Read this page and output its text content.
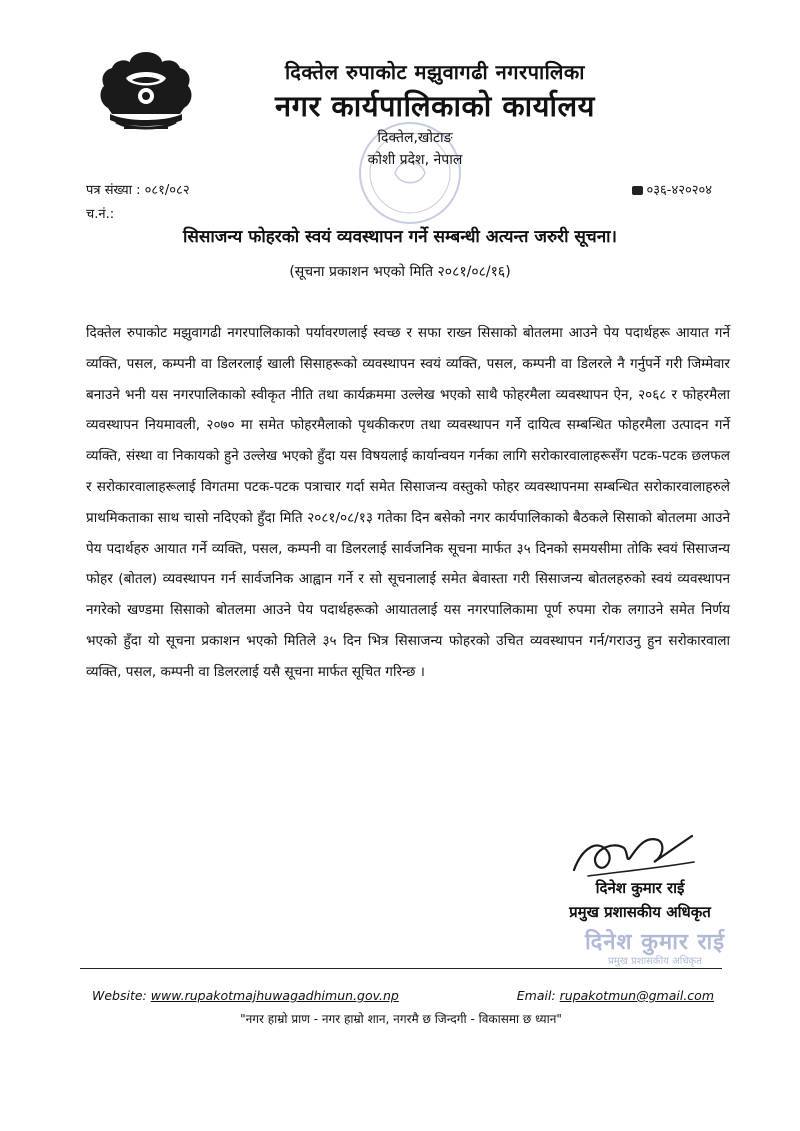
दिक्तेल रुपाकोट मझुवागढी नगरपालिका
नगर कार्यपालिकाको कार्यालय
दिक्तेल,खोटाङ
कोशी प्रदेश, नेपाल
पत्र संख्या : ०८१/०८२
च.नं.:
०३६-४२०२०४
सिसाजन्य फोहरको स्वयं व्यवस्थापन गर्ने सम्बन्धी अत्यन्त जरुरी सूचना।
(सूचना प्रकाशन भएको मिति २०८१/०८/१६)
दिक्तेल रुपाकोट मझुवागढी नगरपालिकाको पर्यावरणलाई स्वच्छ र सफा राख्न सिसाको बोतलमा आउने पेय पदार्थहरू आयात गर्ने व्यक्ति, पसल, कम्पनी वा डिलरलाई खाली सिसाहरूको व्यवस्थापन स्वयं व्यक्ति, पसल, कम्पनी वा डिलरले नै गर्नुपर्ने गरी जिम्मेवार बनाउने भनी यस नगरपालिकाको स्वीकृत नीति तथा कार्यक्रममा उल्लेख भएको साथै फोहरमैला व्यवस्थापन ऐन, २०६८ र फोहरमैला व्यवस्थापन नियमावली, २०७० मा समेत फोहरमैलाको पृथकीकरण तथा व्यवस्थापन गर्ने दायित्व सम्बन्धित फोहरमैला उत्पादन गर्ने व्यक्ति, संस्था वा निकायको हुने उल्लेख भएको हुँदा यस विषयलाई कार्यान्वयन गर्नका लागि सरोकारवालाहरूसँग पटक-पटक छलफल र सरोकारवालाहरूलाई विगतमा पटक-पटक पत्राचार गर्दा समेत सिसाजन्य वस्तुको फोहर व्यवस्थापनमा सम्बन्धित सरोकारवालाहरुले प्राथमिकताका साथ चासो नदिएको हुँदा मिति २०८१/०८/१३ गतेका दिन बसेको नगर कार्यपालिकाको बैठकले सिसाको बोतलमा आउने पेय पदार्थहरु आयात गर्ने व्यक्ति, पसल, कम्पनी वा डिलरलाई सार्वजनिक सूचना मार्फत ३५ दिनको समयसीमा तोकि स्वयं सिसाजन्य फोहर (बोतल) व्यवस्थापन गर्न सार्वजनिक आह्वान गर्ने र सो सूचनालाई समेत बेवास्ता गरी सिसाजन्य बोतलहरुको स्वयं व्यवस्थापन नगरेको खण्डमा सिसाको बोतलमा आउने पेय पदार्थहरूको आयातलाई यस नगरपालिकामा पूर्ण रुपमा रोक लगाउने समेत निर्णय भएको हुँदा यो सूचना प्रकाशन भएको मितिले ३५ दिन भित्र सिसाजन्य फोहरको उचित व्यवस्थापन गर्न/गराउनु हुन सरोकारवाला व्यक्ति, पसल, कम्पनी वा डिलरलाई यसै सूचना मार्फत सूचित गरिन्छ ।
दिनेश कुमार राई
प्रमुख प्रशासकीय अधिकृत
दिनेश कुमार राई
प्रमुख प्रशासकीय अधिकृत
Website: www.rupakotmajhuwagadhimun.gov.np	Email: rupakotmun@gmail.com
"नगर हाम्रो प्राण - नगर हाम्रो शान, नगरमै छ जिन्दगी - विकासमा छ ध्यान"
